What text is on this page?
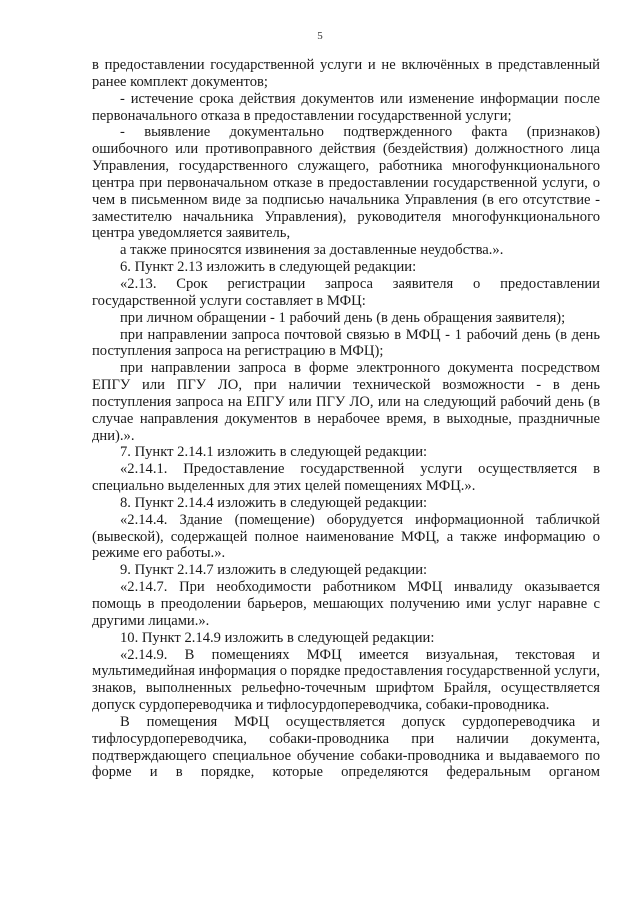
5

в предоставлении государственной услуги и не включённых в представленный ранее комплект документов;

- истечение срока действия документов или изменение информации после первоначального отказа в предоставлении государственной услуги;

- выявление документально подтвержденного факта (признаков) ошибочного или противоправного действия (бездействия) должностного лица Управления, государственного служащего, работника многофункционального центра при первоначальном отказе в предоставлении государственной услуги, о чем в письменном виде за подписью начальника Управления (в его отсутствие - заместителю начальника Управления), руководителя многофункционального центра уведомляется заявитель,

а также приносятся извинения за доставленные неудобства.».

6. Пункт 2.13 изложить в следующей редакции:

«2.13. Срок регистрации запроса заявителя о предоставлении государственной услуги составляет в МФЦ:

при личном обращении - 1 рабочий день (в день обращения заявителя);

при направлении запроса почтовой связью в МФЦ - 1 рабочий день (в день поступления запроса на регистрацию в МФЦ);

при направлении запроса в форме электронного документа посредством ЕПГУ или ПГУ ЛО, при наличии технической возможности - в день поступления запроса на ЕПГУ или ПГУ ЛО, или на следующий рабочий день (в случае направления документов в нерабочее время, в выходные, праздничные дни).».

7. Пункт 2.14.1 изложить в следующей редакции:

«2.14.1. Предоставление государственной услуги осуществляется в специально выделенных для этих целей помещениях МФЦ.».

8. Пункт 2.14.4 изложить в следующей редакции:

«2.14.4. Здание (помещение) оборудуется информационной табличкой (вывеской), содержащей полное наименование МФЦ, а также информацию о режиме его работы.».

9. Пункт 2.14.7 изложить в следующей редакции:

«2.14.7. При необходимости работником МФЦ инвалиду оказывается помощь в преодолении барьеров, мешающих получению ими услуг наравне с другими лицами.».

10. Пункт 2.14.9 изложить в следующей редакции:

«2.14.9. В помещениях МФЦ имеется визуальная, текстовая и мультимедийная информация о порядке предоставления государственной услуги, знаков, выполненных рельефно-точечным шрифтом Брайля, осуществляется допуск сурдопереводчика и тифлосурдопереводчика, собаки-проводника.

В помещения МФЦ осуществляется допуск сурдопереводчика и тифлосурдопереводчика, собаки-проводника при наличии документа, подтверждающего специальное обучение собаки-проводника и выдаваемого по форме и в порядке, которые определяются федеральным органом
